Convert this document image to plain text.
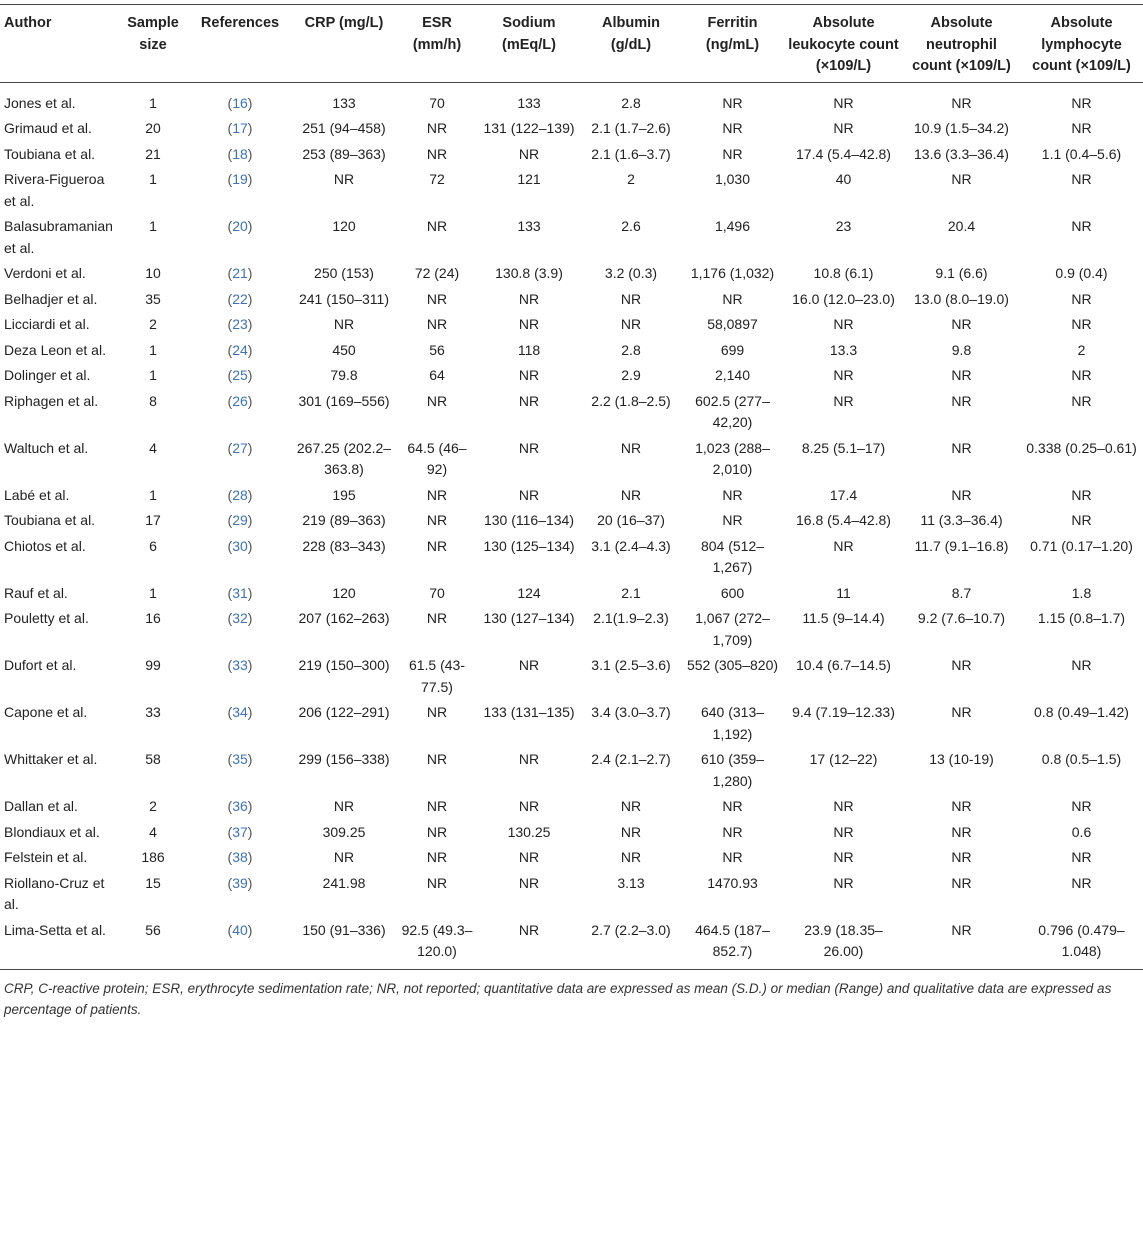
Author	Sample size	References	CRP (mg/L)	ESR (mm/h)	Sodium (mEq/L)	Albumin (g/dL)	Ferritin (ng/mL)	Absolute leukocyte count (×109/L)	Absolute neutrophil count (×109/L)	Absolute lymphocyte count (×109/L)
Jones et al.	1	(16)	133	70	133	2.8	NR	NR	NR	NR
Grimaud et al.	20	(17)	251 (94–458)	NR	131 (122–139)	2.1 (1.7–2.6)	NR	NR	10.9 (1.5–34.2)	NR
Toubiana et al.	21	(18)	253 (89–363)	NR	NR	2.1 (1.6–3.7)	NR	17.4 (5.4–42.8)	13.6 (3.3–36.4)	1.1 (0.4–5.6)
Rivera-Figueroa et al.	1	(19)	NR	72	121	2	1,030	40	NR	NR
Balasubramanian et al.	1	(20)	120	NR	133	2.6	1,496	23	20.4	NR
Verdoni et al.	10	(21)	250 (153)	72 (24)	130.8 (3.9)	3.2 (0.3)	1,176 (1,032)	10.8 (6.1)	9.1 (6.6)	0.9 (0.4)
Belhadjer et al.	35	(22)	241 (150–311)	NR	NR	NR	NR	16.0 (12.0–23.0)	13.0 (8.0–19.0)	NR
Licciardi et al.	2	(23)	NR	NR	NR	NR	58,0897	NR	NR	NR
Deza Leon et al.	1	(24)	450	56	118	2.8	699	13.3	9.8	2
Dolinger et al.	1	(25)	79.8	64	NR	2.9	2,140	NR	NR	NR
Riphagen et al.	8	(26)	301 (169–556)	NR	NR	2.2 (1.8–2.5)	602.5 (277–42,20)	NR	NR	NR
Waltuch et al.	4	(27)	267.25 (202.2–363.8)	64.5 (46–92)	NR	NR	1,023 (288–2,010)	8.25 (5.1–17)	NR	0.338 (0.25–0.61)
Labé et al.	1	(28)	195	NR	NR	NR	NR	17.4	NR	NR
Toubiana et al.	17	(29)	219 (89–363)	NR	130 (116–134)	20 (16–37)	NR	16.8 (5.4–42.8)	11 (3.3–36.4)	NR
Chiotos et al.	6	(30)	228 (83–343)	NR	130 (125–134)	3.1 (2.4–4.3)	804 (512–1,267)	NR	11.7 (9.1–16.8)	0.71 (0.17–1.20)
Rauf et al.	1	(31)	120	70	124	2.1	600	11	8.7	1.8
Pouletty et al.	16	(32)	207 (162–263)	NR	130 (127–134)	2.1(1.9–2.3)	1,067 (272–1,709)	11.5 (9–14.4)	9.2 (7.6–10.7)	1.15 (0.8–1.7)
Dufort et al.	99	(33)	219 (150–300)	61.5 (43-77.5)	NR	3.1 (2.5–3.6)	552 (305–820)	10.4 (6.7–14.5)	NR	NR
Capone et al.	33	(34)	206 (122–291)	NR	133 (131–135)	3.4 (3.0–3.7)	640 (313–1,192)	9.4 (7.19–12.33)	NR	0.8 (0.49–1.42)
Whittaker et al.	58	(35)	299 (156–338)	NR	NR	2.4 (2.1–2.7)	610 (359–1,280)	17 (12–22)	13 (10-19)	0.8 (0.5–1.5)
Dallan et al.	2	(36)	NR	NR	NR	NR	NR	NR	NR	NR
Blondiaux et al.	4	(37)	309.25	NR	130.25	NR	NR	NR	NR	0.6
Felstein et al.	186	(38)	NR	NR	NR	NR	NR	NR	NR	NR
Riollano-Cruz et al.	15	(39)	241.98	NR	NR	3.13	1470.93	NR	NR	NR
Lima-Setta et al.	56	(40)	150 (91–336)	92.5 (49.3–120.0)	NR	2.7 (2.2–3.0)	464.5 (187–852.7)	23.9 (18.35–26.00)	NR	0.796 (0.479–1.048)
CRP, C-reactive protein; ESR, erythrocyte sedimentation rate; NR, not reported; quantitative data are expressed as mean (S.D.) or median (Range) and qualitative data are expressed as percentage of patients.
